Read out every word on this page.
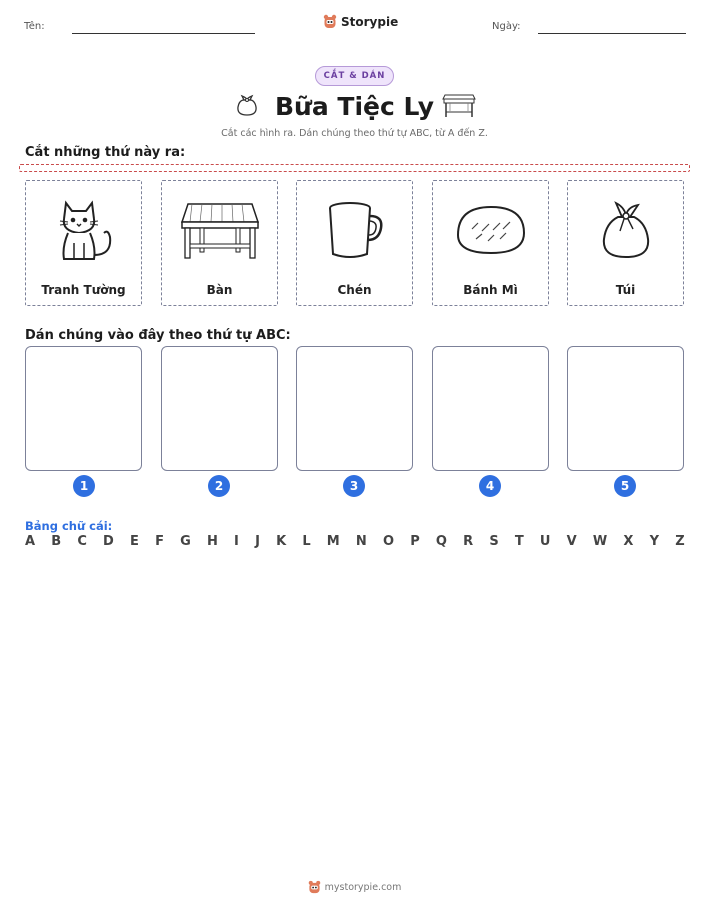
Tên:	Storypie	Ngày:
CẮT & DÁN
Bữa Tiệc Ly
Cắt các hình ra. Dán chúng theo thứ tự ABC, từ A đến Z.
Cắt những thứ này ra:
Tranh Tường	Bàn	Chén	Bánh Mì	Túi
Dán chúng vào đây theo thứ tự ABC:
1	2	3	4	5
Bảng chữ cái:
A B C D E F G H I J K L M N O P Q R S T U V W X Y Z
mystorypie.com
